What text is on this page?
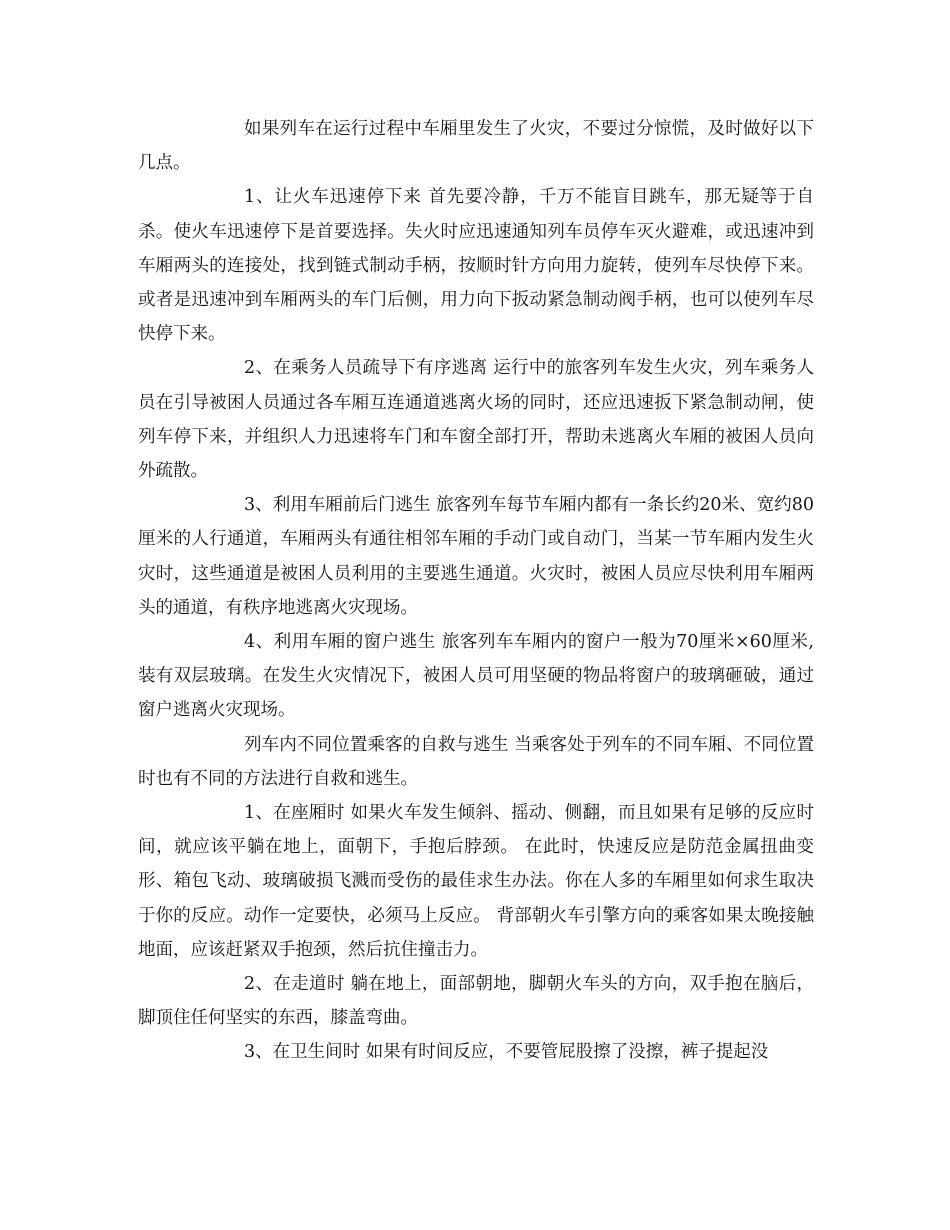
如果列车在运行过程中车厢里发生了火灾，不要过分惊慌，及时做好以下几点。

1、让火车迅速停下来 首先要冷静，千万不能盲目跳车，那无疑等于自杀。使火车迅速停下是首要选择。失火时应迅速通知列车员停车灭火避难，或迅速冲到车厢两头的连接处，找到链式制动手柄，按顺时针方向用力旋转，使列车尽快停下来。或者是迅速冲到车厢两头的车门后侧，用力向下扳动紧急制动阀手柄，也可以使列车尽快停下来。

2、在乘务人员疏导下有序逃离 运行中的旅客列车发生火灾，列车乘务人员在引导被困人员通过各车厢互连通道逃离火场的同时，还应迅速扳下紧急制动闸，使列车停下来，并组织人力迅速将车门和车窗全部打开，帮助未逃离火车厢的被困人员向外疏散。

3、利用车厢前后门逃生 旅客列车每节车厢内都有一条长约20米、宽约80厘米的人行通道，车厢两头有通往相邻车厢的手动门或自动门，当某一节车厢内发生火灾时，这些通道是被困人员利用的主要逃生通道。火灾时，被困人员应尽快利用车厢两头的通道，有秩序地逃离火灾现场。

4、利用车厢的窗户逃生 旅客列车车厢内的窗户一般为70厘米×60厘米,装有双层玻璃。在发生火灾情况下，被困人员可用坚硬的物品将窗户的玻璃砸破，通过窗户逃离火灾现场。

列车内不同位置乘客的自救与逃生 当乘客处于列车的不同车厢、不同位置时也有不同的方法进行自救和逃生。

1、在座厢时 如果火车发生倾斜、摇动、侧翻，而且如果有足够的反应时间，就应该平躺在地上，面朝下，手抱后脖颈。 在此时，快速反应是防范金属扭曲变形、箱包飞动、玻璃破损飞溅而受伤的最佳求生办法。你在人多的车厢里如何求生取决于你的反应。动作一定要快，必须马上反应。 背部朝火车引擎方向的乘客如果太晚接触地面，应该赶紧双手抱颈，然后抗住撞击力。

2、在走道时 躺在地上，面部朝地，脚朝火车头的方向，双手抱在脑后，脚顶住任何坚实的东西，膝盖弯曲。

3、在卫生间时 如果有时间反应，不要管屁股擦了没擦，裤子提起没
